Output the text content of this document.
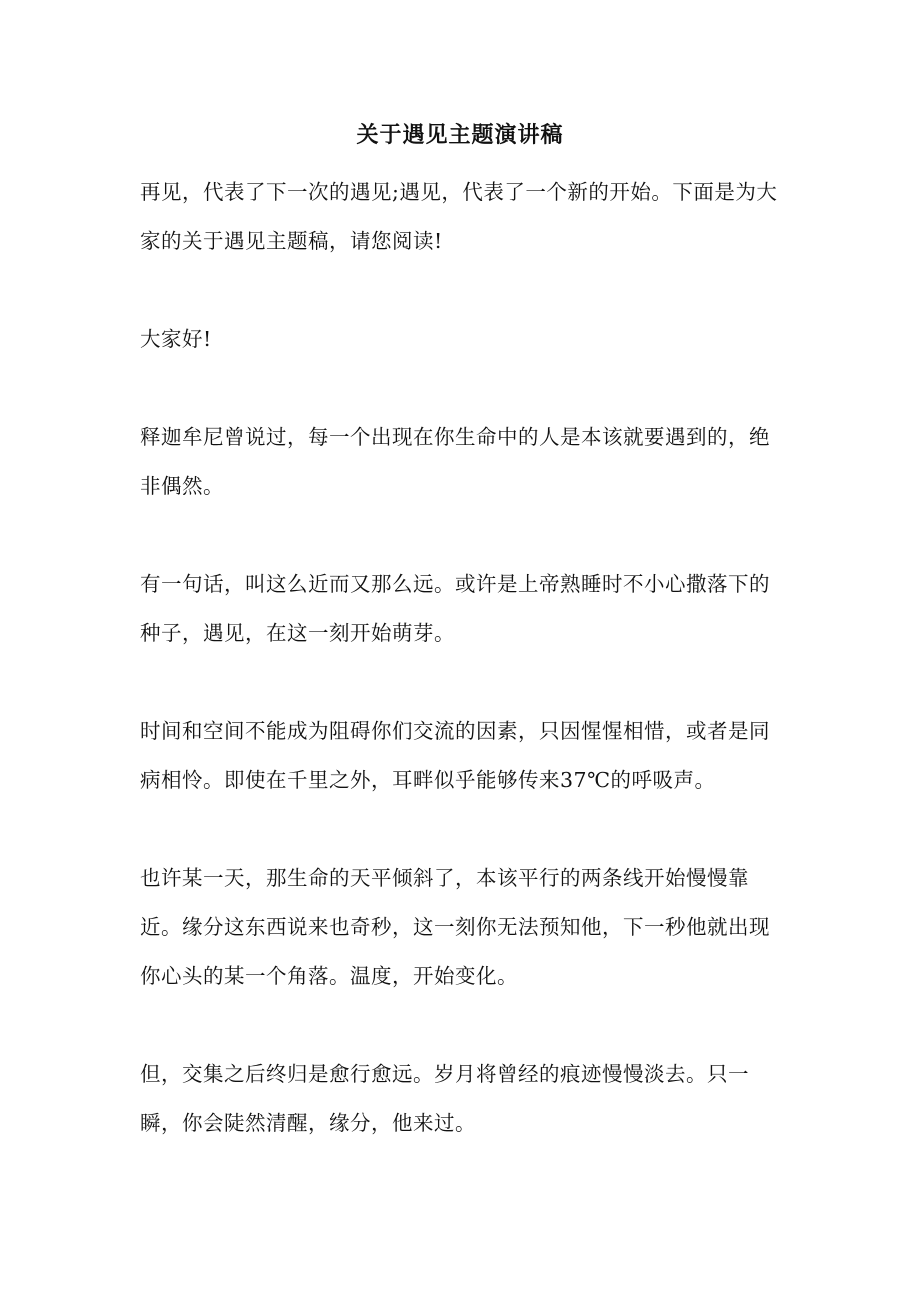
关于遇见主题演讲稿

再见，代表了下一次的遇见;遇见，代表了一个新的开始。下面是为大家的关于遇见主题稿，请您阅读!

大家好!

释迦牟尼曾说过，每一个出现在你生命中的人是本该就要遇到的，绝非偶然。

有一句话，叫这么近而又那么远。或许是上帝熟睡时不小心撒落下的种子，遇见，在这一刻开始萌芽。

时间和空间不能成为阻碍你们交流的因素，只因惺惺相惜，或者是同病相怜。即使在千里之外，耳畔似乎能够传来37℃的呼吸声。

也许某一天，那生命的天平倾斜了，本该平行的两条线开始慢慢靠近。缘分这东西说来也奇秒，这一刻你无法预知他，下一秒他就出现你心头的某一个角落。温度，开始变化。

但，交集之后终归是愈行愈远。岁月将曾经的痕迹慢慢淡去。只一瞬，你会陡然清醒，缘分，他来过。
